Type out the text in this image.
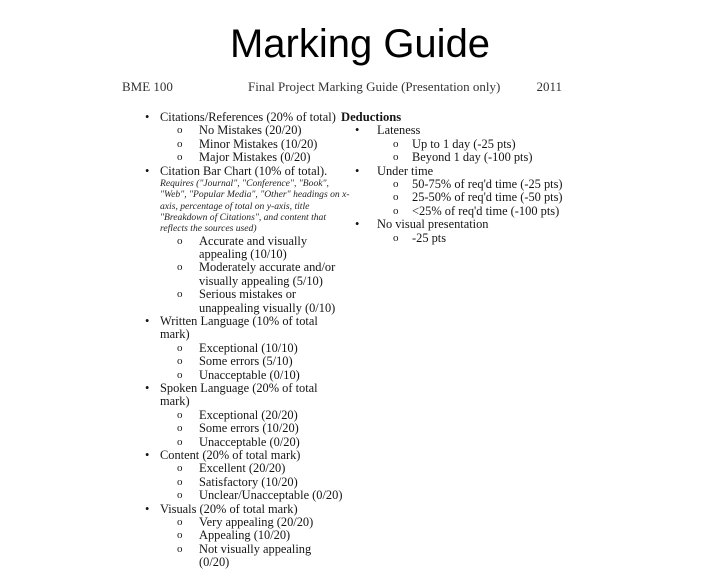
Marking Guide
BME 100	Final Project Marking Guide (Presentation only)	2011
• Citations/References (20% of total)
o No Mistakes (20/20)
o Minor Mistakes (10/20)
o Major Mistakes (0/20)
• Citation Bar Chart (10% of total).
Requires ("Journal", "Conference", "Book", "Web", "Popular Media", "Other" headings on x-axis, percentage of total on y-axis, title "Breakdown of Citations", and content that reflects the sources used)
o Accurate and visually appealing (10/10)
o Moderately accurate and/or visually appealing (5/10)
o Serious mistakes or unappealing visually (0/10)
• Written Language (10% of total mark)
o Exceptional (10/10)
o Some errors (5/10)
o Unacceptable (0/10)
• Spoken Language (20% of total mark)
o Exceptional (20/20)
o Some errors (10/20)
o Unacceptable (0/20)
• Content (20% of total mark)
o Excellent (20/20)
o Satisfactory (10/20)
o Unclear/Unacceptable (0/20)
• Visuals (20% of total mark)
o Very appealing (20/20)
o Appealing (10/20)
o Not visually appealing (0/20)
Deductions
• Lateness
o Up to 1 day (-25 pts)
o Beyond 1 day (-100 pts)
• Under time
o 50-75% of req'd time (-25 pts)
o 25-50% of req'd time (-50 pts)
o <25% of req'd time (-100 pts)
• No visual presentation
o -25 pts
